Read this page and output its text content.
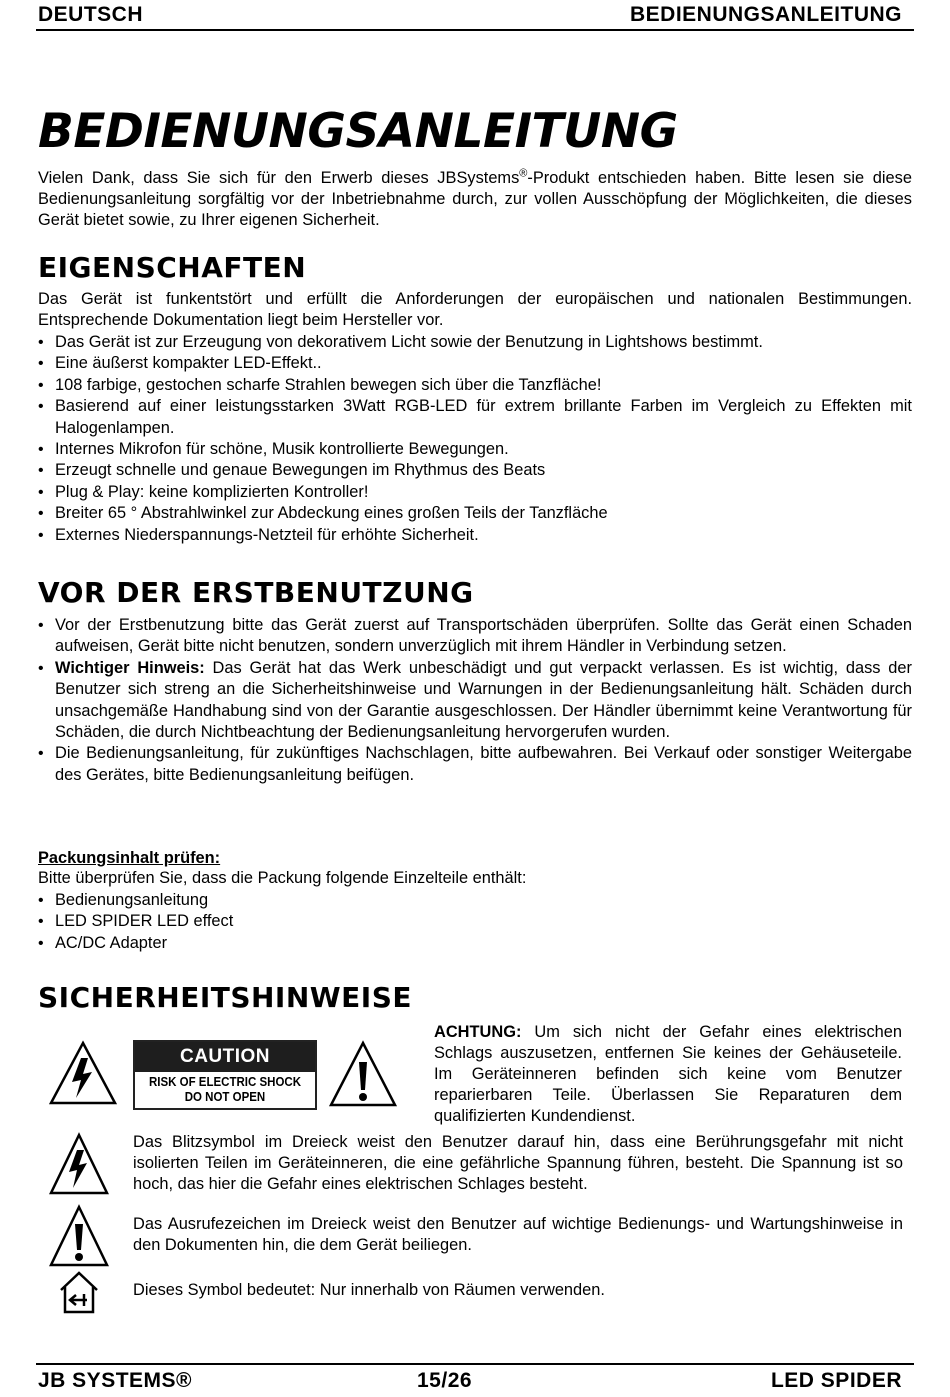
DEUTSCH	BEDIENUNGSANLEITUNG
BEDIENUNGSANLEITUNG
Vielen Dank, dass Sie sich für den Erwerb dieses JBSystems®-Produkt entschieden haben. Bitte lesen sie diese Bedienungsanleitung sorgfältig vor der Inbetriebnahme durch, zur vollen Ausschöpfung der Möglichkeiten, die dieses Gerät bietet sowie, zu Ihrer eigenen Sicherheit.
EIGENSCHAFTEN
Das Gerät ist funkentstört und erfüllt die Anforderungen der europäischen und nationalen Bestimmungen. Entsprechende Dokumentation liegt beim Hersteller vor.
• Das Gerät ist zur Erzeugung von dekorativem Licht sowie der Benutzung in Lightshows bestimmt.
• Eine äußerst kompakter LED-Effekt..
• 108 farbige, gestochen scharfe Strahlen bewegen sich über die Tanzfläche!
• Basierend auf einer leistungsstarken 3Watt RGB-LED für extrem brillante Farben im Vergleich zu Effekten mit Halogenlampen.
• Internes Mikrofon für schöne, Musik kontrollierte Bewegungen.
• Erzeugt schnelle und genaue Bewegungen im Rhythmus des Beats
• Plug & Play: keine komplizierten Kontroller!
• Breiter 65 ° Abstrahlwinkel zur Abdeckung eines großen Teils der Tanzfläche
• Externes Niederspannungs-Netzteil für erhöhte Sicherheit.
VOR DER ERSTBENUTZUNG
• Vor der Erstbenutzung bitte das Gerät zuerst auf Transportschäden überprüfen. Sollte das Gerät einen Schaden aufweisen, Gerät bitte nicht benutzen, sondern unverzüglich mit ihrem Händler in Verbindung setzen.
• Wichtiger Hinweis: Das Gerät hat das Werk unbeschädigt und gut verpackt verlassen. Es ist wichtig, dass der Benutzer sich streng an die Sicherheitshinweise und Warnungen in der Bedienungsanleitung hält. Schäden durch unsachgemäße Handhabung sind von der Garantie ausgeschlossen. Der Händler übernimmt keine Verantwortung für Schäden, die durch Nichtbeachtung der Bedienungsanleitung hervorgerufen wurden.
• Die Bedienungsanleitung, für zukünftiges Nachschlagen, bitte aufbewahren. Bei Verkauf oder sonstiger Weitergabe des Gerätes, bitte Bedienungsanleitung beifügen.
Packungsinhalt prüfen:
Bitte überprüfen Sie, dass die Packung folgende Einzelteile enthält:
• Bedienungsanleitung
• LED SPIDER LED effect
• AC/DC Adapter
SICHERHEITSHINWEISE
CAUTION
RISK OF ELECTRIC SHOCK
DO NOT OPEN
ACHTUNG: Um sich nicht der Gefahr eines elektrischen Schlags auszusetzen, entfernen Sie keines der Gehäuseteile. Im Geräteinneren befinden sich keine vom Benutzer reparierbaren Teile. Überlassen Sie Reparaturen dem qualifizierten Kundendienst.
Das Blitzsymbol im Dreieck weist den Benutzer darauf hin, dass eine Berührungsgefahr mit nicht isolierten Teilen im Geräteinneren, die eine gefährliche Spannung führen, besteht. Die Spannung ist so hoch, das hier die Gefahr eines elektrischen Schlages besteht.
Das Ausrufezeichen im Dreieck weist den Benutzer auf wichtige Bedienungs- und Wartungshinweise in den Dokumenten hin, die dem Gerät beiliegen.
Dieses Symbol bedeutet: Nur innerhalb von Räumen verwenden.
JB SYSTEMS®	15/26	LED SPIDER
